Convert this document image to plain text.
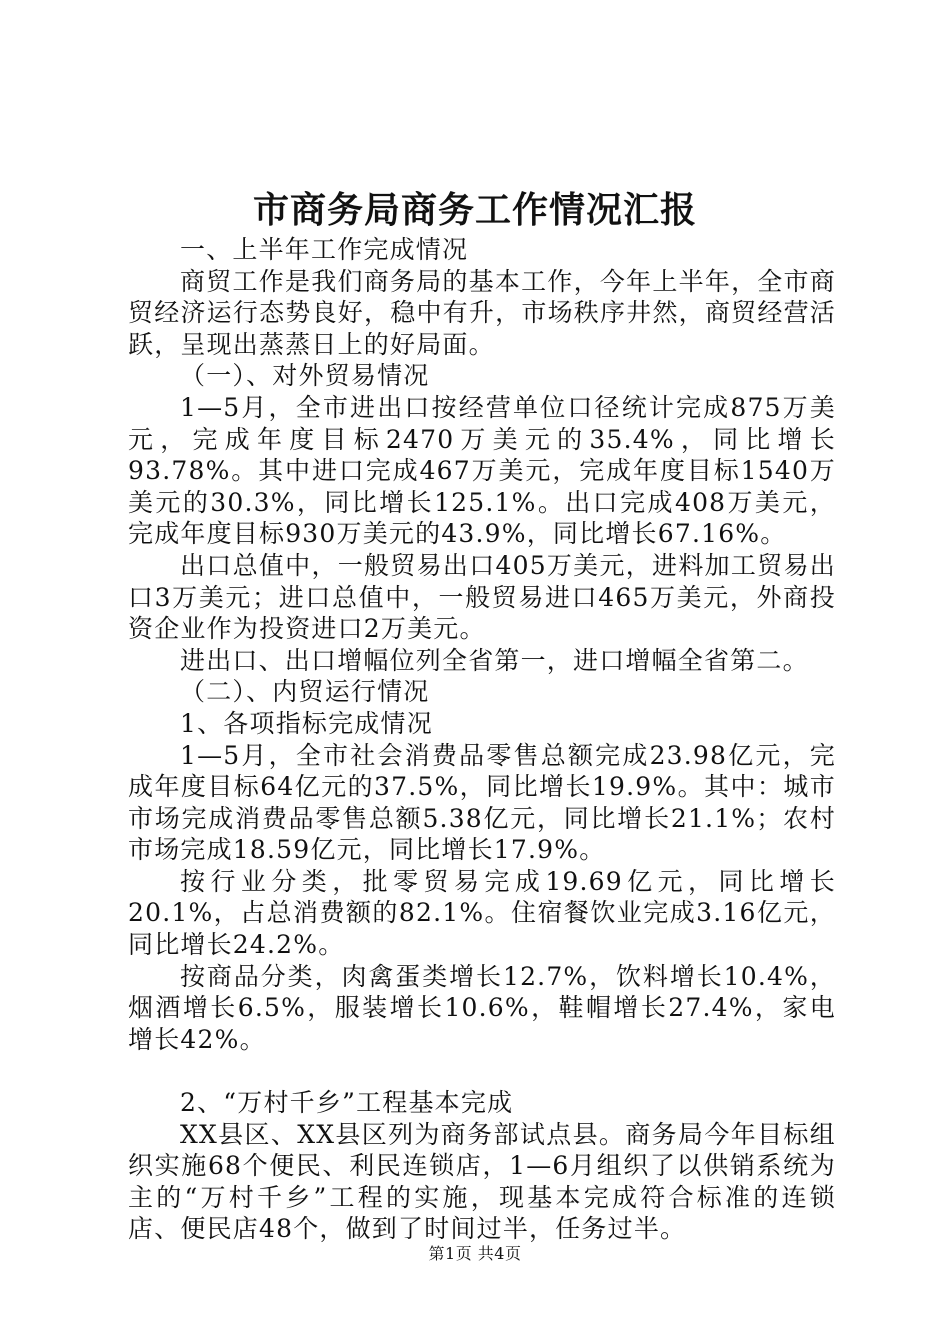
市商务局商务工作情况汇报

一、上半年工作完成情况

商贸工作是我们商务局的基本工作，今年上半年，全市商贸经济运行态势良好，稳中有升，市场秩序井然，商贸经营活跃，呈现出蒸蒸日上的好局面。

（一）、对外贸易情况

1—5月，全市进出口按经营单位口径统计完成875万美元，完成年度目标2470万美元的35.4%，同比增长93.78%。其中进口完成467万美元，完成年度目标1540万美元的30.3%，同比增长125.1%。出口完成408万美元，完成年度目标930万美元的43.9%，同比增长67.16%。

出口总值中，一般贸易出口405万美元，进料加工贸易出口3万美元；进口总值中，一般贸易进口465万美元，外商投资企业作为投资进口2万美元。

进出口、出口增幅位列全省第一，进口增幅全省第二。

（二）、内贸运行情况

1、各项指标完成情况

1—5月，全市社会消费品零售总额完成23.98亿元，完成年度目标64亿元的37.5%，同比增长19.9%。其中：城市市场完成消费品零售总额5.38亿元，同比增长21.1%；农村市场完成18.59亿元，同比增长17.9%。

按行业分类，批零贸易完成19.69亿元，同比增长20.1%，占总消费额的82.1%。住宿餐饮业完成3.16亿元，同比增长24.2%。

按商品分类，肉禽蛋类增长12.7%，饮料增长10.4%，烟酒增长6.5%，服装增长10.6%，鞋帽增长27.4%，家电增长42%。

2、“万村千乡”工程基本完成

XX县区、XX县区列为商务部试点县。商务局今年目标组织实施68个便民、利民连锁店，1—6月组织了以供销系统为主的“万村千乡”工程的实施，现基本完成符合标准的连锁店、便民店48个，做到了时间过半，任务过半。

第1页 共4页
